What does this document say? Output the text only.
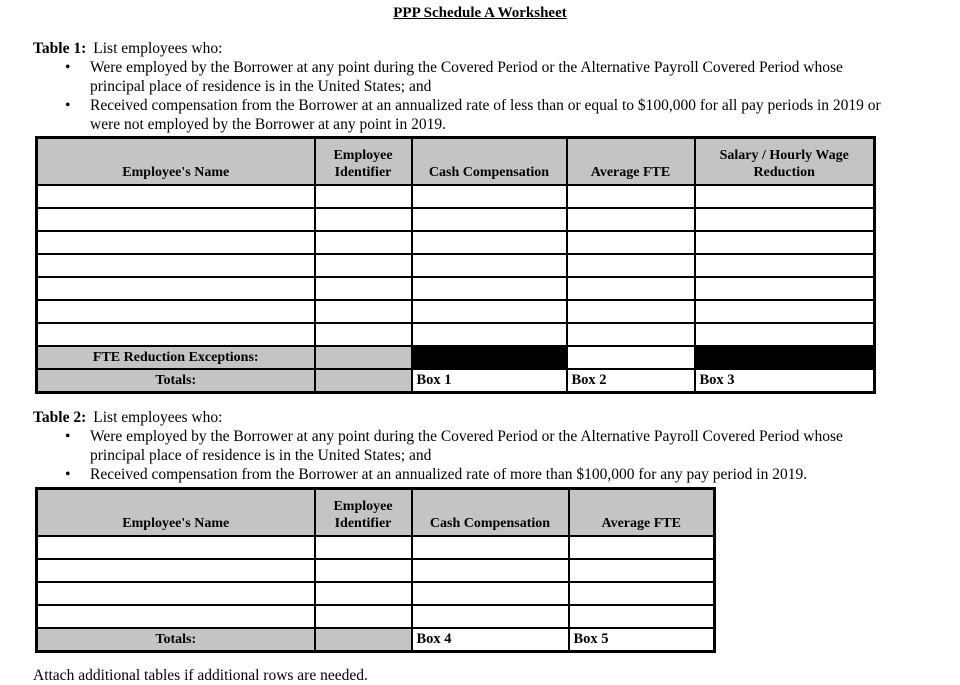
PPP Schedule A Worksheet
Table 1: List employees who:
• Were employed by the Borrower at any point during the Covered Period or the Alternative Payroll Covered Period whose principal place of residence is in the United States; and
• Received compensation from the Borrower at an annualized rate of less than or equal to $100,000 for all pay periods in 2019 or were not employed by the Borrower at any point in 2019.
Employee's Name	Employee Identifier	Cash Compensation	Average FTE	Salary / Hourly Wage Reduction

FTE Reduction Exceptions:				
Totals:		Box 1	Box 2	Box 3
Table 2: List employees who:
• Were employed by the Borrower at any point during the Covered Period or the Alternative Payroll Covered Period whose principal place of residence is in the United States; and
• Received compensation from the Borrower at an annualized rate of more than $100,000 for any pay period in 2019.
Employee's Name	Employee Identifier	Cash Compensation	Average FTE

Totals:		Box 4	Box 5
Attach additional tables if additional rows are needed.
